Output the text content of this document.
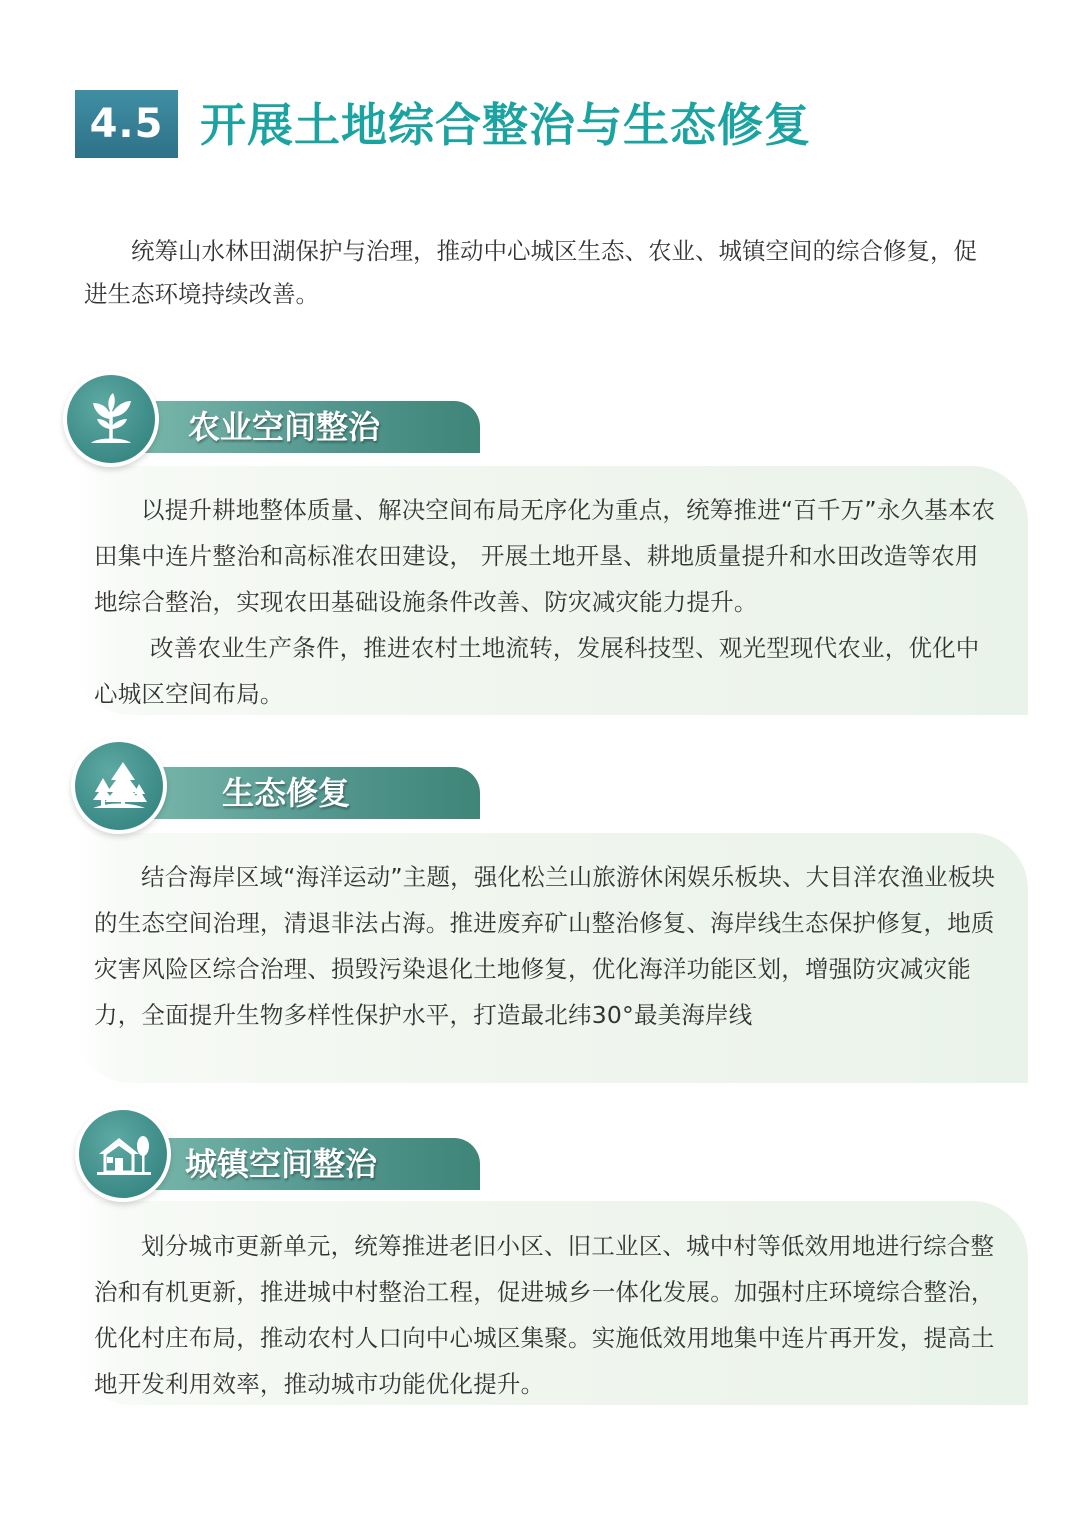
4.5 开展土地综合整治与生态修复

统筹山水林田湖保护与治理，推动中心城区生态、农业、城镇空间的综合修复，促进生态环境持续改善。

以提升耕地整体质量、解决空间布局无序化为重点，统筹推进“百千万”永久基本农田集中连片整治和高标准农田建设， 开展土地开垦、耕地质量提升和水田改造等农用地综合整治，实现农田基础设施条件改善、防灾减灾能力提升。

改善农业生产条件，推进农村土地流转，发展科技型、观光型现代农业，优化中心城区空间布局。

农业空间整治

结合海岸区域“海洋运动”主题，强化松兰山旅游休闲娱乐板块、大目洋农渔业板块的生态空间治理，清退非法占海。推进废弃矿山整治修复、海岸线生态保护修复，地质灾害风险区综合治理、损毁污染退化土地修复，优化海洋功能区划，增强防灾减灾能力，全面提升生物多样性保护水平，打造最北纬30°最美海岸线

生态修复

划分城市更新单元，统筹推进老旧小区、旧工业区、城中村等低效用地进行综合整治和有机更新，推进城中村整治工程，促进城乡一体化发展。加强村庄环境综合整治，优化村庄布局，推动农村人口向中心城区集聚。实施低效用地集中连片再开发，提高土地开发利用效率，推动城市功能优化提升。

城镇空间整治
